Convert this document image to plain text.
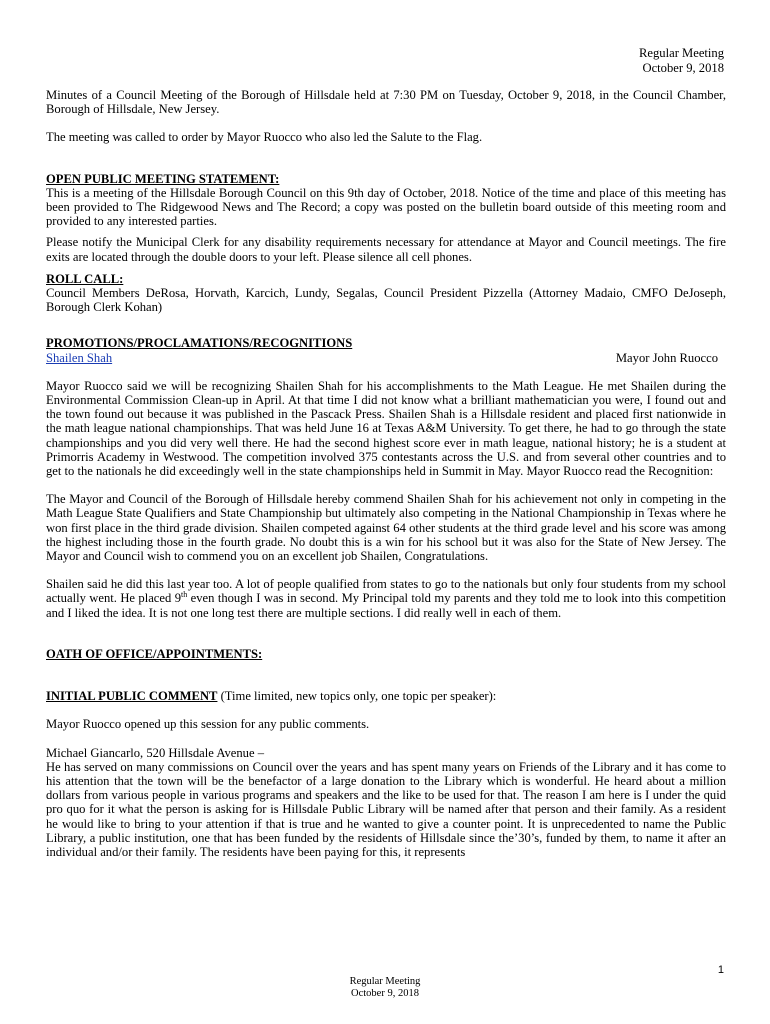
Regular Meeting
October 9, 2018

Minutes of a Council Meeting of the Borough of Hillsdale held at 7:30 PM on Tuesday, October 9, 2018, in the Council Chamber, Borough of Hillsdale, New Jersey.

The meeting was called to order by Mayor Ruocco who also led the Salute to the Flag.

OPEN PUBLIC MEETING STATEMENT:

This is a meeting of the Hillsdale Borough Council on this 9th day of October, 2018. Notice of the time and place of this meeting has been provided to The Ridgewood News and The Record; a copy was posted on the bulletin board outside of this meeting room and provided to any interested parties.

Please notify the Municipal Clerk for any disability requirements necessary for attendance at Mayor and Council meetings. The fire exits are located through the double doors to your left. Please silence all cell phones.

ROLL CALL:

Council Members DeRosa, Horvath, Karcich, Lundy, Segalas, Council President Pizzella (Attorney Madaio, CMFO DeJoseph, Borough Clerk Kohan)

PROMOTIONS/PROCLAMATIONS/RECOGNITIONS

Shailen Shah	Mayor John Ruocco

Mayor Ruocco said we will be recognizing Shailen Shah for his accomplishments to the Math League. He met Shailen during the Environmental Commission Clean-up in April. At that time I did not know what a brilliant mathematician you were, I found out and the town found out because it was published in the Pascack Press. Shailen Shah is a Hillsdale resident and placed first nationwide in the math league national championships. That was held June 16 at Texas A&M University. To get there, he had to go through the state championships and you did very well there. He had the second highest score ever in math league, national history; he is a student at Primorris Academy in Westwood. The competition involved 375 contestants across the U.S. and from several other countries and to get to the nationals he did exceedingly well in the state championships held in Summit in May. Mayor Ruocco read the Recognition:

The Mayor and Council of the Borough of Hillsdale hereby commend Shailen Shah for his achievement not only in competing in the Math League State Qualifiers and State Championship but ultimately also competing in the National Championship in Texas where he won first place in the third grade division. Shailen competed against 64 other students at the third grade level and his score was among the highest including those in the fourth grade. No doubt this is a win for his school but it was also for the State of New Jersey. The Mayor and Council wish to commend you on an excellent job Shailen, Congratulations.

Shailen said he did this last year too. A lot of people qualified from states to go to the nationals but only four students from my school actually went. He placed 9th even though I was in second. My Principal told my parents and they told me to look into this competition and I liked the idea. It is not one long test there are multiple sections. I did really well in each of them.

OATH OF OFFICE/APPOINTMENTS:

INITIAL PUBLIC COMMENT (Time limited, new topics only, one topic per speaker):

Mayor Ruocco opened up this session for any public comments.

Michael Giancarlo, 520 Hillsdale Avenue –

He has served on many commissions on Council over the years and has spent many years on Friends of the Library and it has come to his attention that the town will be the benefactor of a large donation to the Library which is wonderful. He heard about a million dollars from various people in various programs and speakers and the like to be used for that. The reason I am here is I under the quid pro quo for it what the person is asking for is Hillsdale Public Library will be named after that person and their family. As a resident he would like to bring to your attention if that is true and he wanted to give a counter point. It is unprecedented to name the Public Library, a public institution, one that has been funded by the residents of Hillsdale since the’30’s, funded by them, to name it after an individual and/or their family. The residents have been paying for this, it represents

1
Regular Meeting
October 9, 2018
